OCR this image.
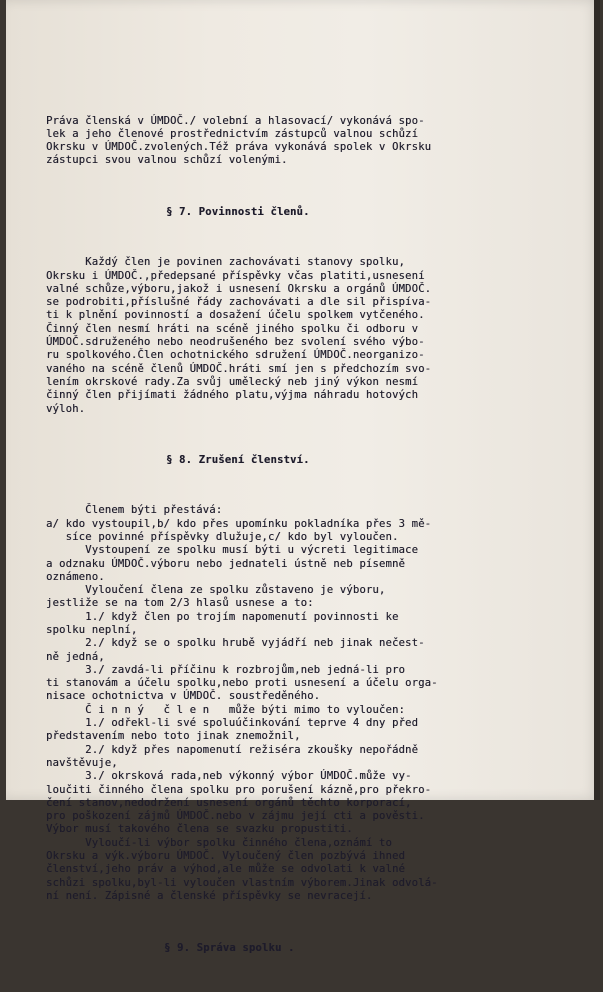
Práva členská v ÚMDOČ./ volební a hlasovací/ vykonává spo-
lek a jeho členové prostřednictvím zástupců valnou schůzí
Okrsku v ÚMDOČ.zvolených.Též práva vykonává spolek v Okrsku
zástupci svou valnou schůzí volenými.

§ 7. Povinnosti členů.

Každý člen je povinen zachovávati stanovy spolku,
Okrsku i ÚMDOČ.,předepsané příspěvky včas platiti,usnesení
valné schůze,výboru,jakož i usnesení Okrsku a orgánů ÚMDOČ.
se podrobiti,příslušné řády zachovávati a dle sil přispíva-
ti k plnění povinností a dosažení účelu spolkem vytčeného.
Činný člen nesmí hráti na scéně jiného spolku či odboru v
ÚMDOČ.sdruženého nebo neodrušeného bez svolení svého výbo-
ru spolkového.Člen ochotnického sdružení ÚMDOČ.neorganizo-
vaného na scéně členů ÚMDOČ.hráti smí jen s předchozím svo-
lením okrskové rady.Za svůj umělecký neb jiný výkon nesmí
činný člen přijímati žádného platu,výjma náhradu hotových
výloh.

§ 8. Zrušení členství.

Členem býti přestává:
a/ kdo vystoupil,b/ kdo přes upomínku pokladníka přes 3 mě-
síce povinné příspěvky dlužuje,c/ kdo byl vyloučen.
Vystoupení ze spolku musí býti u výcreti legitimace
a odznaku ÚMDOČ.výboru nebo jednateli ústně neb písemně
oznámeno.
Vyloučení člena ze spolku zůstaveno je výboru,
jestliže se na tom 2/3 hlasů usnese a to:
1./ když člen po trojím napomenutí povinnosti ke
spolku neplní,
2./ když se o spolku hrubě vyjádří neb jinak nečest-
ně jedná,
3./ zavdá-li příčinu k rozbrojům,neb jedná-li pro
ti stanovám a účelu spolku,nebo proti usnesení a účelu orga-
nisace ochotnictva v ÚMDOČ. soustředěného.
Č i n n ý   č l e n   může býti mimo to vyloučen:
1./ odřekl-li své spoluúčinkování teprve 4 dny před
představením nebo toto jinak znemožnil,
2./ když přes napomenutí režiséra zkoušky nepořádně
navštěvuje,
3./ okrsková rada,neb výkonný výbor ÚMDOČ.může vy-
loučiti činného člena spolku pro porušení kázně,pro překro-
čení stanov,nedodržení usnesení orgánů těchto korporací,
pro poškození zájmů ÚMDOČ.nebo v zájmu její cti a pověsti.
Výbor musí takového člena se svazku propustiti.
Vyloučí-li výbor spolku činného člena,oznámí to
Okrsku a výk.výboru ÚMDOČ. Vyloučený člen pozbývá ihned
členství,jeho práv a výhod,ale může se odvolati k valné
schůzi spolku,byl-li vyloučen vlastním výborem.Jinak odvolá-
ní není. Zápisné a členské příspěvky se nevracejí.

§ 9. Správa spolku .
